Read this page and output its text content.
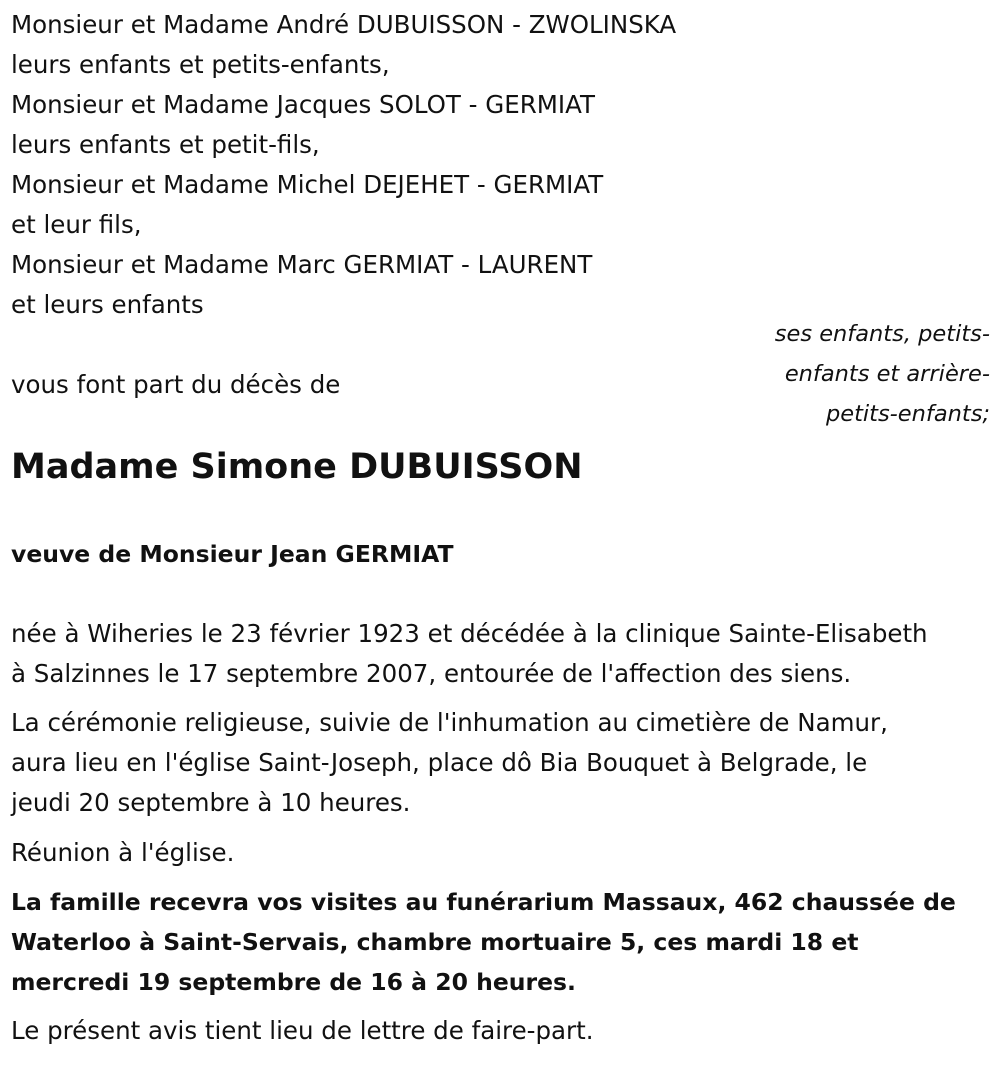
Monsieur et Madame André DUBUISSON - ZWOLINSKA
leurs enfants et petits-enfants,
Monsieur et Madame Jacques SOLOT - GERMIAT
leurs enfants et petit-fils,
Monsieur et Madame Michel DEJEHET - GERMIAT
et leur fils,
Monsieur et Madame Marc GERMIAT - LAURENT
et leurs enfants
ses enfants, petits-
enfants et arrière-
petits-enfants;
vous font part du décès de
Madame Simone DUBUISSON
veuve de Monsieur Jean GERMIAT
née à Wiheries le 23 février 1923 et décédée à la clinique Sainte-Elisabeth
à Salzinnes le 17 septembre 2007, entourée de l'affection des siens.
La cérémonie religieuse, suivie de l'inhumation au cimetière de Namur,
aura lieu en l'église Saint-Joseph, place dô Bia Bouquet à Belgrade, le
jeudi 20 septembre à 10 heures.
Réunion à l'église.
La famille recevra vos visites au funérarium Massaux, 462 chaussée de
Waterloo à Saint-Servais, chambre mortuaire 5, ces mardi 18 et
mercredi 19 septembre de 16 à 20 heures.
Le présent avis tient lieu de lettre de faire-part.
